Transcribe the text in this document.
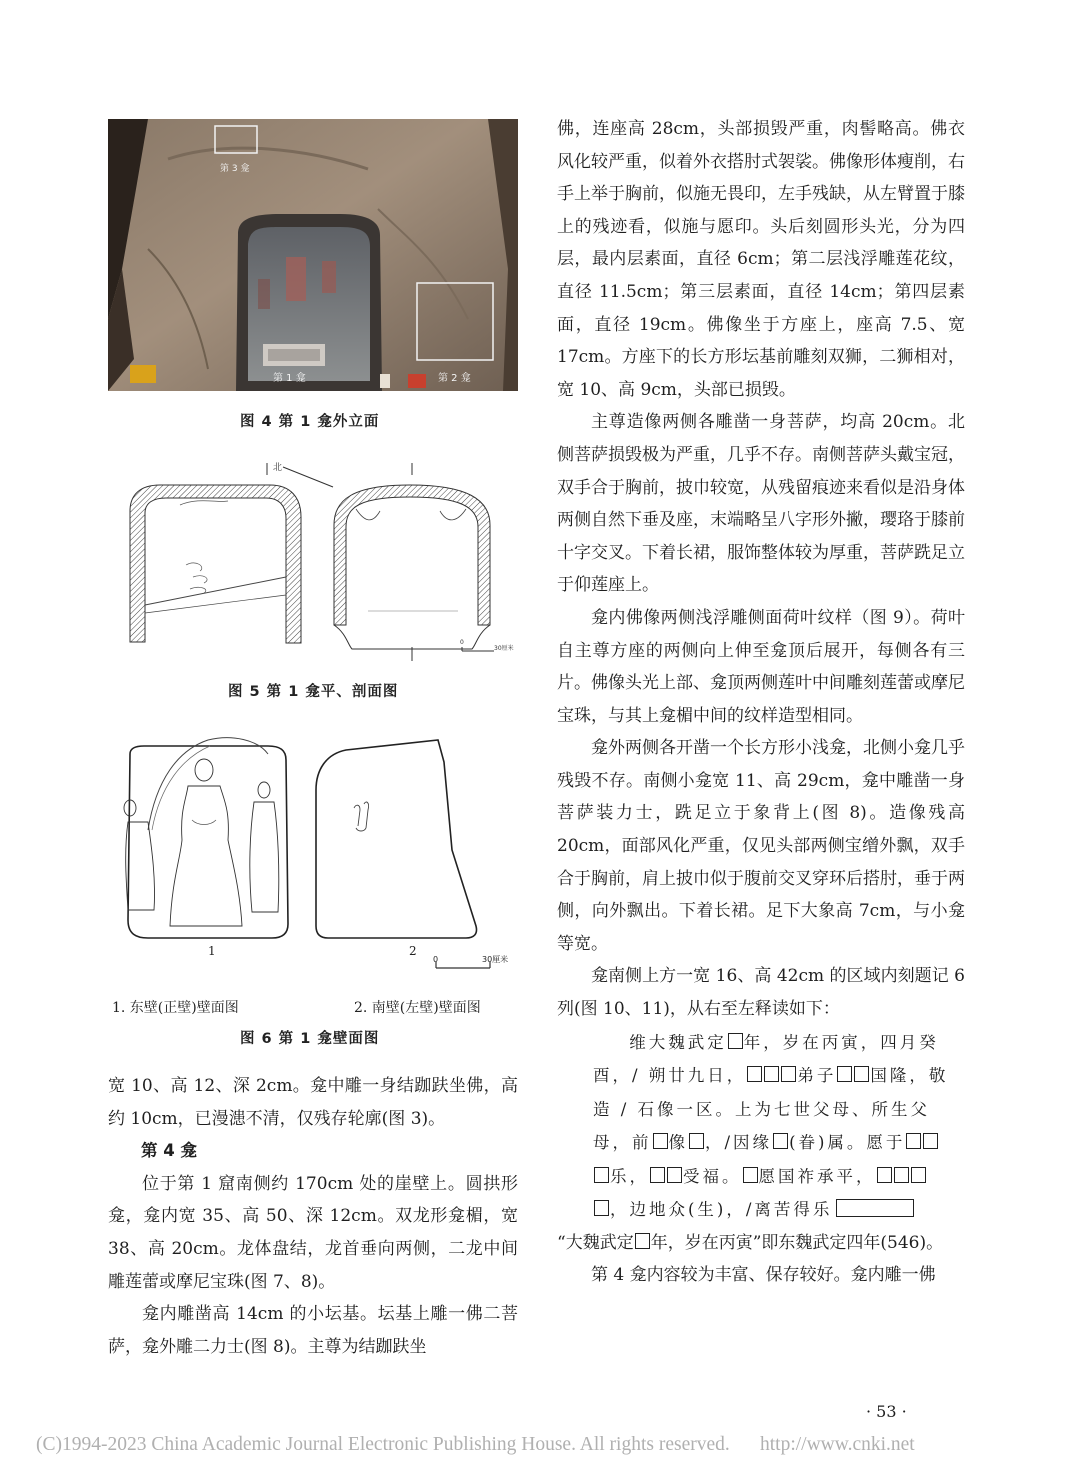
第 3 龛
第 1 龛	第 2 龛
图 4 第 1 龛外立面
北
0
30厘米
图 5 第 1 龛平、剖面图
1	2
0	30厘米
1. 东壁(正壁)壁面图	2. 南壁(左壁)壁面图
图 6 第 1 龛壁面图

宽 10、高 12、深 2cm。龛中雕一身结跏趺坐佛，高约 10cm，已漫漶不清，仅残存轮廓(图 3)。

第 4 龛

位于第 1 窟南侧约 170cm 处的崖壁上。圆拱形龛，龛内宽 35、高 50、深 12cm。双龙形龛楣，宽 38、高 20cm。龙体盘结，龙首垂向两侧，二龙中间雕莲蕾或摩尼宝珠(图 7、8)。

龛内雕凿高 14cm 的小坛基。坛基上雕一佛二菩萨，龛外雕二力士(图 8)。主尊为结跏趺坐

佛，连座高 28cm，头部损毁严重，肉髻略高。佛衣风化较严重，似着外衣搭肘式袈裟。佛像形体瘦削，右手上举于胸前，似施无畏印，左手残缺，从左臂置于膝上的残迹看，似施与愿印。头后刻圆形头光，分为四层，最内层素面，直径 6cm；第二层浅浮雕莲花纹，直径 11.5cm；第三层素面，直径 14cm；第四层素面，直径 19cm。佛像坐于方座上，座高 7.5、宽 17cm。方座下的长方形坛基前雕刻双狮，二狮相对，宽 10、高 9cm，头部已损毁。

主尊造像两侧各雕凿一身菩萨，均高 20cm。北侧菩萨损毁极为严重，几乎不存。南侧菩萨头戴宝冠，双手合于胸前，披巾较宽，从残留痕迹来看似是沿身体两侧自然下垂及座，末端略呈八字形外撇，璎珞于膝前十字交叉。下着长裙，服饰整体较为厚重，菩萨跣足立于仰莲座上。

龛内佛像两侧浅浮雕侧面荷叶纹样（图 9）。荷叶自主尊方座的两侧向上伸至龛顶后展开，每侧各有三片。佛像头光上部、龛顶两侧莲叶中间雕刻莲蕾或摩尼宝珠，与其上龛楣中间的纹样造型相同。

龛外两侧各开凿一个长方形小浅龛，北侧小龛几乎残毁不存。南侧小龛宽 11、高 29cm，龛中雕凿一身菩萨装力士，跣足立于象背上(图 8)。造像残高 20cm，面部风化严重，仅见头部两侧宝缯外飘，双手合于胸前，肩上披巾似于腹前交叉穿环后搭肘，垂于两侧，向外飘出。下着长裙。足下大象高 7cm，与小龛等宽。

龛南侧上方一宽 16、高 42cm 的区域内刻题记 6 列(图 10、11)，从右至左释读如下：

维大魏武定 年，岁在丙寅，四月癸
酉，/ 朔廿九日，	弟子 国隆，敬
造 / 石像一区。上为七世父母、所生父
母，前 像 ，/因缘 (眷)属。愿于
乐， 受福。 愿国祚承平，
，边地众(生)，/离苦得乐

“大魏武定 年，岁在丙寅”即东魏武定四年(546)。

第 4 龛内容较为丰富、保存较好。龛内雕一佛

· 53 ·
(C)1994-2023 China Academic Journal Electronic Publishing House. All rights reserved. http://www.cnki.net
